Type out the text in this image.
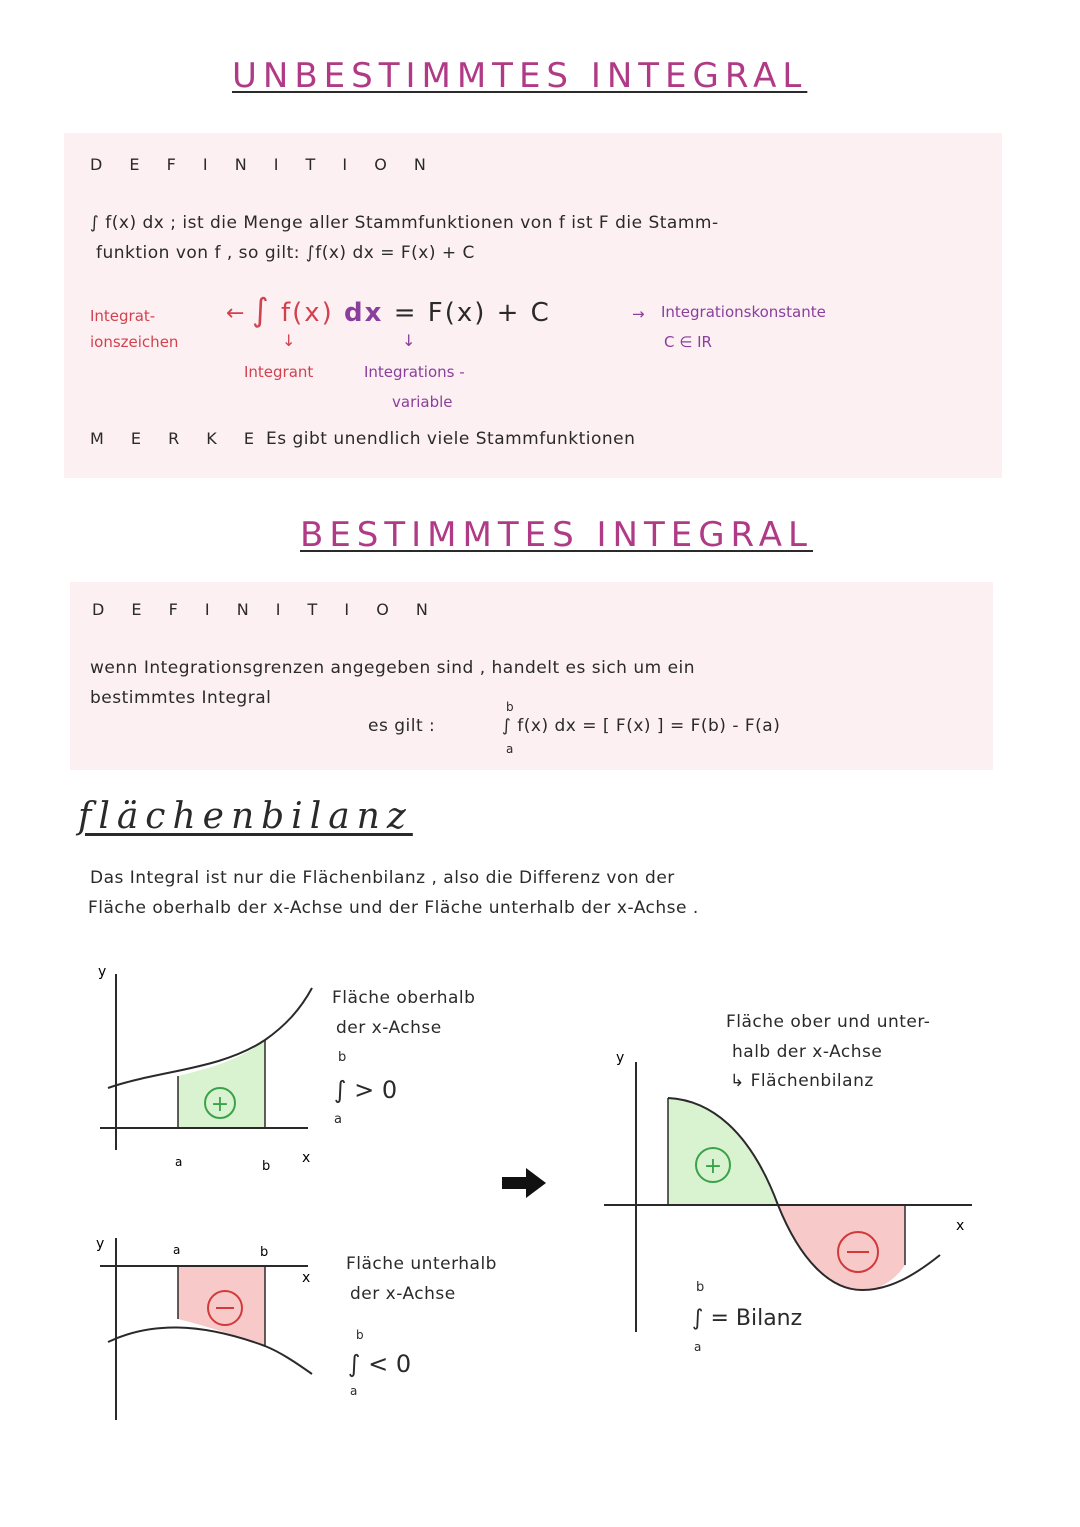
UNBESTIMMTES INTEGRAL
D E F I N I T I O N
∫ f(x) dx ; ist die Menge aller Stammfunktionen von f ist F die Stamm-
funktion von f , so gilt: ∫f(x) dx = F(x) + C
Integrat-
ionszeichen
← ∫ f(x) dx = F(x) + C	→ Integrationskonstante
C ∈ IR
↓	↓
Integrant	Integrations -
variable
M E R K E Es gibt unendlich viele Stammfunktionen
BESTIMMTES INTEGRAL
D E F I N I T I O N
wenn Integrationsgrenzen angegeben sind , handelt es sich um ein
bestimmtes Integral
es gilt :
b
a
∫ f(x) dx = [ F(x) ] = F(b) - F(a)
flächenbilanz
Das Integral ist nur die Flächenbilanz , also die Differenz von der
Fläche oberhalb der x-Achse und der Fläche unterhalb der x-Achse .
+
y
x
a	b
Fläche oberhalb
der x-Achse
b
∫ > 0
a
y
x
a	b
Fläche unterhalb
der x-Achse
b
∫ < 0
a
+
y
x
Fläche ober und unter-
halb der x-Achse
↳ Flächenbilanz
b
∫ = Bilanz
a
